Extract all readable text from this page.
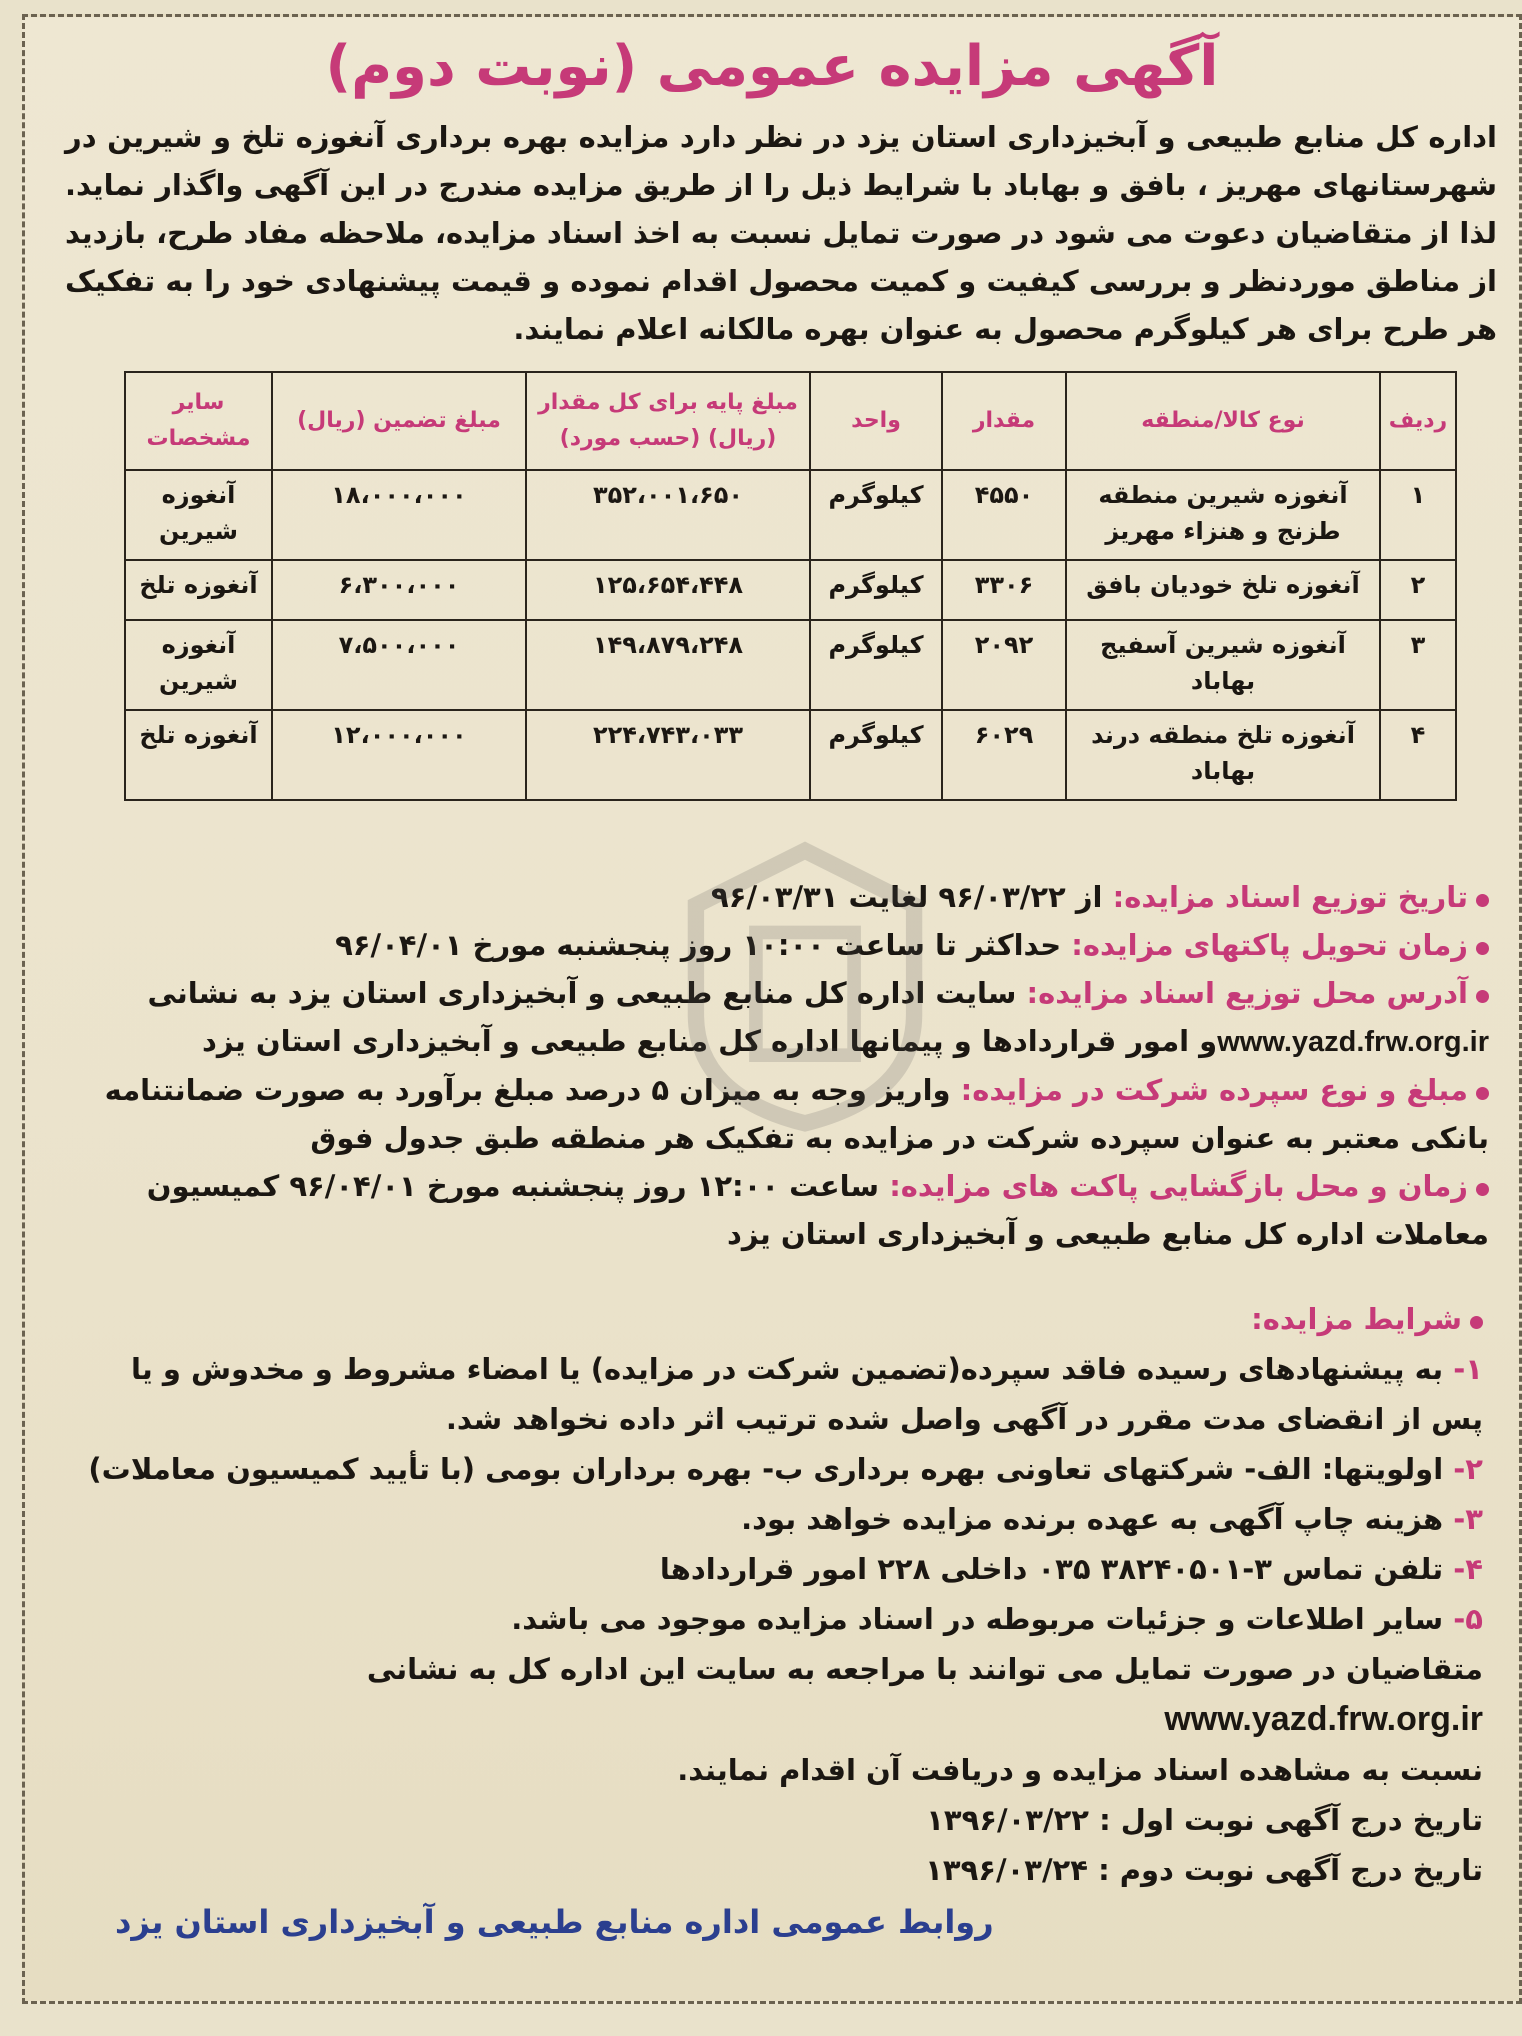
آگهی مزایده عمومی (نوبت دوم)
اداره کل منابع طبیعی و آبخیزداری استان یزد در نظر دارد مزایده بهره برداری آنغوزه تلخ و شیرین در شهرستانهای مهریز ، بافق و بهاباد با شرایط ذیل را از طریق مزایده مندرج در این آگهی واگذار نماید. لذا از متقاضیان دعوت می شود در صورت تمایل نسبت به اخذ اسناد مزایده، ملاحظه مفاد طرح، بازدید از مناطق موردنظر و بررسی کیفیت و کمیت محصول اقدام نموده و قیمت پیشنهادی خود را به تفکیک هر طرح برای هر کیلوگرم محصول به عنوان بهره مالکانه اعلام نمایند.
ردیف	نوع کالا/منطقه	مقدار	واحد	مبلغ پایه برای کل مقدار (ریال) (حسب مورد)	مبلغ تضمین (ریال)	سایر مشخصات
۱	آنغوزه شیرین منطقه طزنج و هنزاء مهریز	۴۵۵۰	کیلوگرم	۳۵۲،۰۰۱،۶۵۰	۱۸،۰۰۰،۰۰۰	آنغوزه شیرین
۲	آنغوزه تلخ خودیان بافق	۳۳۰۶	کیلوگرم	۱۲۵،۶۵۴،۴۴۸	۶،۳۰۰،۰۰۰	آنغوزه تلخ
۳	آنغوزه شیرین آسفیج بهاباد	۲۰۹۲	کیلوگرم	۱۴۹،۸۷۹،۲۴۸	۷،۵۰۰،۰۰۰	آنغوزه شیرین
۴	آنغوزه تلخ منطقه درند بهاباد	۶۰۲۹	کیلوگرم	۲۲۴،۷۴۳،۰۳۳	۱۲،۰۰۰،۰۰۰	آنغوزه تلخ

تاریخ توزیع اسناد مزایده: از ۹۶/۰۳/۲۲ لغایت ۹۶/۰۳/۳۱

زمان تحویل پاکتهای مزایده: حداکثر تا ساعت ۱۰:۰۰ روز پنجشنبه مورخ ۹۶/۰۴/۰۱

آدرس محل توزیع اسناد مزایده: سایت اداره کل منابع طبیعی و آبخیزداری استان یزد به نشانی www.yazd.frw.org.irو امور قراردادها و پیمانها اداره کل منابع طبیعی و آبخیزداری استان یزد

مبلغ و نوع سپرده شرکت در مزایده: واریز وجه به میزان ۵ درصد مبلغ برآورد به صورت ضمانتنامه بانکی معتبر به عنوان سپرده شرکت در مزایده به تفکیک هر منطقه طبق جدول فوق

زمان و محل بازگشایی پاکت های مزایده: ساعت ۱۲:۰۰ روز پنجشنبه مورخ ۹۶/۰۴/۰۱ کمیسیون معاملات اداره کل منابع طبیعی و آبخیزداری استان یزد

شرایط مزایده:

۱- به پیشنهادهای رسیده فاقد سپرده(تضمین شرکت در مزایده) یا امضاء مشروط و مخدوش و یا پس از انقضای مدت مقرر در آگهی واصل شده ترتیب اثر داده نخواهد شد.

۲- اولویتها: الف- شرکتهای تعاونی بهره برداری ب- بهره برداران بومی (با تأیید کمیسیون معاملات)

۳- هزینه چاپ آگهی به عهده برنده مزایده خواهد بود.

۴- تلفن تماس ۳-۳۸۲۴۰۵۰۱ ۰۳۵ داخلی ۲۲۸ امور قراردادها

۵- سایر اطلاعات و جزئیات مربوطه در اسناد مزایده موجود می باشد.

متقاضیان در صورت تمایل می توانند با مراجعه به سایت این اداره کل به نشانی www.yazd.frw.org.ir

نسبت به مشاهده اسناد مزایده و دریافت آن اقدام نمایند.

تاریخ درج آگهی نوبت اول : ۱۳۹۶/۰۳/۲۲

تاریخ درج آگهی نوبت دوم : ۱۳۹۶/۰۳/۲۴

روابط عمومی اداره منابع طبیعی و آبخیزداری استان یزد
